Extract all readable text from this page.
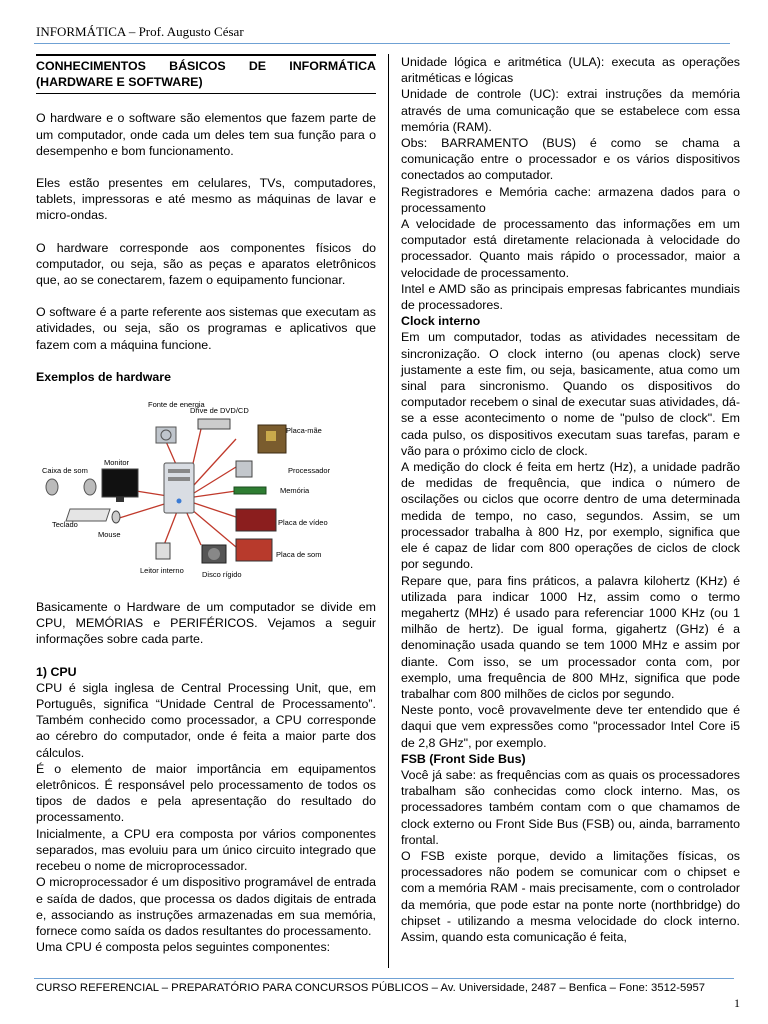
INFORMÁTICA – Prof. Augusto César
CONHECIMENTOS BÁSICOS DE INFORMÁTICA
(HARDWARE E SOFTWARE)

O hardware e o software são elementos que fazem parte de um computador, onde cada um deles tem sua função para o desempenho e bom funcionamento.

Eles estão presentes em celulares, TVs, computadores, tablets, impressoras e até mesmo as máquinas de lavar e micro-ondas.

O hardware corresponde aos componentes físicos do computador, ou seja, são as peças e aparatos eletrônicos que, ao se conectarem, fazem o equipamento funcionar.

O software é a parte referente aos sistemas que executam as atividades, ou seja, são os programas e aplicativos que fazem com a máquina funcione.

Exemplos de hardware

Fonte de energia
Drive de DVD/CD
Placa-mãe
Caixa de som
Monitor
Processador
Memória
Teclado
Mouse
Placa de vídeo
Placa de som
Leitor interno Disco rígido

Basicamente o Hardware de um computador se divide em CPU, MEMÓRIAS e PERIFÉRICOS. Vejamos a seguir informações sobre cada parte.

1) CPU

CPU é sigla inglesa de Central Processing Unit, que, em Português, significa “Unidade Central de Processamento”. Também conhecido como processador, a CPU corresponde ao cérebro do computador, onde é feita a maior parte dos cálculos.

É o elemento de maior importância em equipamentos eletrônicos. É responsável pelo processamento de todos os tipos de dados e pela apresentação do resultado do processamento.

Inicialmente, a CPU era composta por vários componentes separados, mas evoluiu para um único circuito integrado que recebeu o nome de microprocessador.

O microprocessador é um dispositivo programável de entrada e saída de dados, que processa os dados digitais de entrada e, associando as instruções armazenadas em sua memória, fornece como saída os dados resultantes do processamento.

Uma CPU é composta pelos seguintes componentes:

Unidade lógica e aritmética (ULA): executa as operações aritméticas e lógicas

Unidade de controle (UC): extrai instruções da memória através de uma comunicação que se estabelece com essa memória (RAM).

Obs: BARRAMENTO (BUS) é como se chama a comunicação entre o processador e os vários dispositivos conectados ao computador.

Registradores e Memória cache: armazena dados para o processamento

A velocidade de processamento das informações em um computador está diretamente relacionada à velocidade do processador. Quanto mais rápido o processador, maior a velocidade de processamento.

Intel e AMD são as principais empresas fabricantes mundiais de processadores.

Clock interno

Em um computador, todas as atividades necessitam de sincronização. O clock interno (ou apenas clock) serve justamente a este fim, ou seja, basicamente, atua como um sinal para sincronismo. Quando os dispositivos do computador recebem o sinal de executar suas atividades, dá-se a esse acontecimento o nome de "pulso de clock". Em cada pulso, os dispositivos executam suas tarefas, param e vão para o próximo ciclo de clock.

A medição do clock é feita em hertz (Hz), a unidade padrão de medidas de frequência, que indica o número de oscilações ou ciclos que ocorre dentro de uma determinada medida de tempo, no caso, segundos. Assim, se um processador trabalha à 800 Hz, por exemplo, significa que ele é capaz de lidar com 800 operações de ciclos de clock por segundo.

Repare que, para fins práticos, a palavra kilohertz (KHz) é utilizada para indicar 1000 Hz, assim como o termo megahertz (MHz) é usado para referenciar 1000 KHz (ou 1 milhão de hertz). De igual forma, gigahertz (GHz) é a denominação usada quando se tem 1000 MHz e assim por diante. Com isso, se um processador conta com, por exemplo, uma frequência de 800 MHz, significa que pode trabalhar com 800 milhões de ciclos por segundo.

Neste ponto, você provavelmente deve ter entendido que é daqui que vem expressões como "processador Intel Core i5 de 2,8 GHz", por exemplo.

FSB (Front Side Bus)

Você já sabe: as frequências com as quais os processadores trabalham são conhecidas como clock interno. Mas, os processadores também contam com o que chamamos de clock externo ou Front Side Bus (FSB) ou, ainda, barramento frontal.

O FSB existe porque, devido a limitações físicas, os processadores não podem se comunicar com o chipset e com a memória RAM - mais precisamente, com o controlador da memória, que pode estar na ponte norte (northbridge) do chipset - utilizando a mesma velocidade do clock interno. Assim, quando esta comunicação é feita,

CURSO REFERENCIAL – PREPARATÓRIO PARA CONCURSOS PÚBLICOS – Av. Universidade, 2487 – Benfica – Fone: 3512-5957
1
